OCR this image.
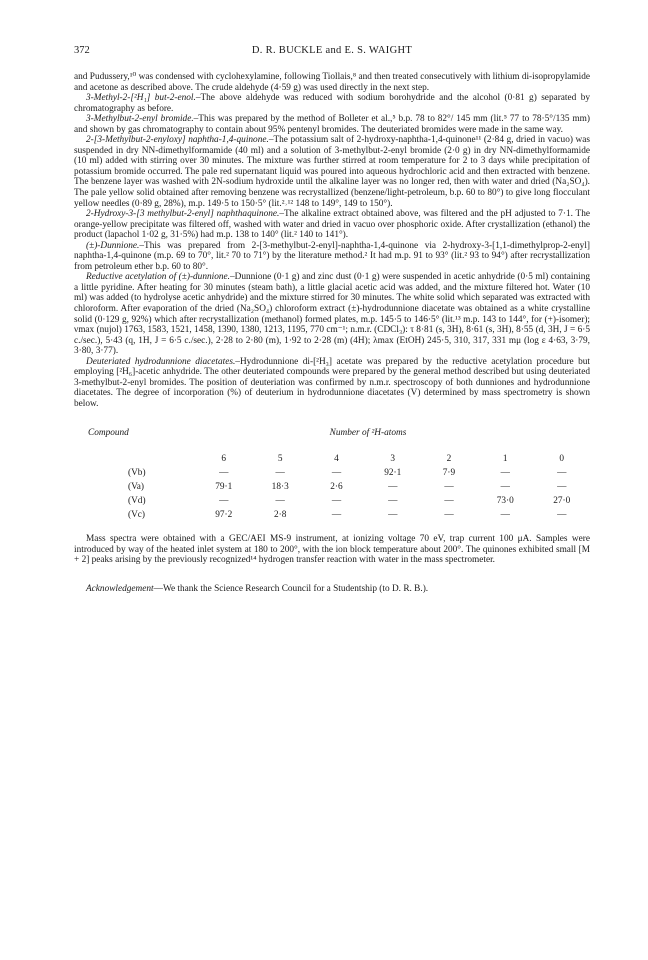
372	D. R. BUCKLE and E. S. WAIGHT

and Pudussery,¹⁰ was condensed with cyclohexylamine, following Tiollais,⁸ and then treated consecutively with lithium di-isopropylamide and acetone as described above. The crude aldehyde (4·59 g) was used directly in the next step.

3-Methyl-2-[²H₁] but-2-enol.–The above aldehyde was reduced with sodium borohydride and the alcohol (0·81 g) separated by chromatography as before.

3-Methylbut-2-enyl bromide.–This was prepared by the method of Bolleter et al.,⁵ b.p. 78 to 82°/ 145 mm (lit.⁵ 77 to 78·5°/135 mm) and shown by gas chromatography to contain about 95% pentenyl bromides. The deuteriated bromides were made in the same way.

2-[3-Methylbut-2-enyloxy] naphtha-1,4-quinone.–The potassium salt of 2-hydroxy-naphtha-1,4-quinone¹¹ (2·84 g, dried in vacuo) was suspended in dry NN-dimethylformamide (40 ml) and a solution of 3-methylbut-2-enyl bromide (2·0 g) in dry NN-dimethylformamide (10 ml) added with stirring over 30 minutes. The mixture was further stirred at room temperature for 2 to 3 days while precipitation of potassium bromide occurred. The pale red supernatant liquid was poured into aqueous hydrochloric acid and then extracted with benzene. The benzene layer was washed with 2N-sodium hydroxide until the alkaline layer was no longer red, then with water and dried (Na₂SO₄). The pale yellow solid obtained after removing benzene was recrystallized (benzene/light-petroleum, b.p. 60 to 80°) to give long flocculant yellow needles (0·89 g, 28%), m.p. 149·5 to 150·5° (lit.²˒¹² 148 to 149°, 149 to 150°).

2-Hydroxy-3-[3 methylbut-2-enyl] naphthaquinone.–The alkaline extract obtained above, was filtered and the pH adjusted to 7·1. The orange-yellow precipitate was filtered off, washed with water and dried in vacuo over phosphoric oxide. After crystallization (ethanol) the product (lapachol 1·02 g, 31·5%) had m.p. 138 to 140° (lit.² 140 to 141°).

(±)-Dunnione.–This was prepared from 2-[3-methylbut-2-enyl]-naphtha-1,4-quinone via 2-hydroxy-3-[1,1-dimethylprop-2-enyl] naphtha-1,4-quinone (m.p. 69 to 70°, lit.² 70 to 71°) by the literature method.² It had m.p. 91 to 93° (lit.² 93 to 94°) after recrystallization from petroleum ether b.p. 60 to 80°.

Reductive acetylation of (±)-dunnione.–Dunnione (0·1 g) and zinc dust (0·1 g) were suspended in acetic anhydride (0·5 ml) containing a little pyridine. After heating for 30 minutes (steam bath), a little glacial acetic acid was added, and the mixture filtered hot. Water (10 ml) was added (to hydrolyse acetic anhydride) and the mixture stirred for 30 minutes. The white solid which separated was extracted with chloroform. After evaporation of the dried (Na₂SO₄) chloroform extract (±)-hydrodunnione diacetate was obtained as a white crystalline solid (0·129 g, 92%) which after recrystallization (methanol) formed plates, m.p. 145·5 to 146·5° (lit.¹³ m.p. 143 to 144°, for (+)-isomer); νmax (nujol) 1763, 1583, 1521, 1458, 1390, 1380, 1213, 1195, 770 cm⁻¹; n.m.r. (CDCl₃): τ 8·81 (s, 3H), 8·61 (s, 3H), 8·55 (d, 3H, J = 6·5 c./sec.), 5·43 (q, 1H, J = 6·5 c./sec.), 2·28 to 2·80 (m), 1·92 to 2·28 (m) (4H); λmax (EtOH) 245·5, 310, 317, 331 mμ (log ε 4·63, 3·79, 3·80, 3·77).

Deuteriated hydrodunnione diacetates.–Hydrodunnione di-[²H₃] acetate was prepared by the reductive acetylation procedure but employing [²H₆]-acetic anhydride. The other deuteriated compounds were prepared by the general method described but using deuteriated 3-methylbut-2-enyl bromides. The position of deuteriation was confirmed by n.m.r. spectroscopy of both dunniones and hydrodunnione diacetates. The degree of incorporation (%) of deuterium in hydrodunnione diacetates (V) determined by mass spectrometry is shown below.

Compound	Number of ²H-atoms
	6	5	4	3	2	1	0
(Vb)	—	—	—	92·1	7·9	—	—
(Va)	79·1	18·3	2·6	—	—	—	—
(Vd)	—	—	—	—	—	73·0	27·0
(Vc)	97·2	2·8	—	—	—	—	—

Mass spectra were obtained with a GEC/AEI MS-9 instrument, at ionizing voltage 70 eV, trap current 100 μA. Samples were introduced by way of the heated inlet system at 180 to 200°, with the ion block temperature about 200°. The quinones exhibited small [M + 2] peaks arising by the previously recognized¹⁴ hydrogen transfer reaction with water in the mass spectrometer.

Acknowledgement—We thank the Science Research Council for a Studentship (to D. R. B.).
